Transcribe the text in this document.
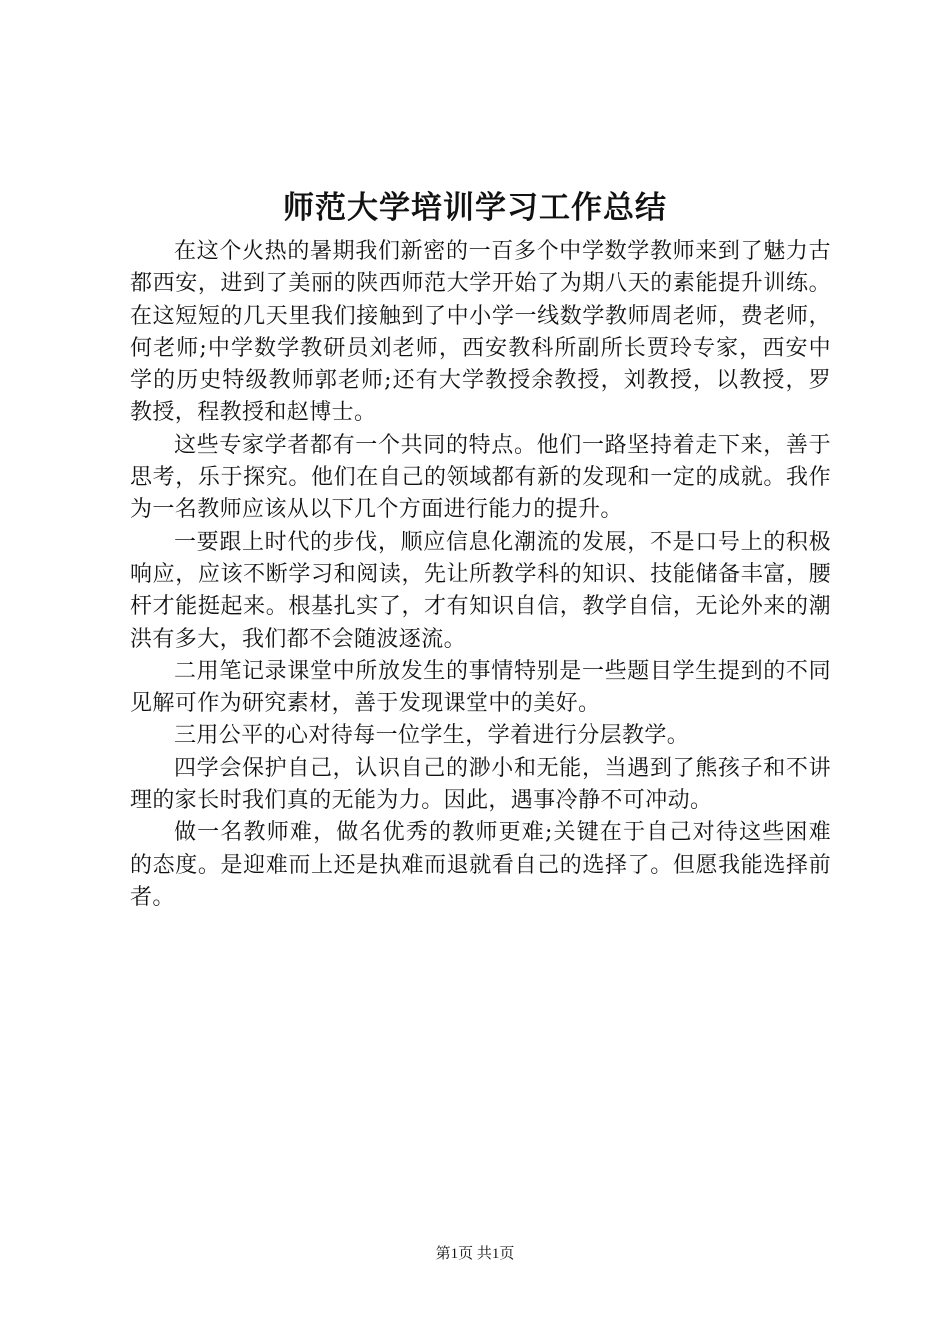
师范大学培训学习工作总结

在这个火热的暑期我们新密的一百多个中学数学教师来到了魅力古都西安，进到了美丽的陕西师范大学开始了为期八天的素能提升训练。在这短短的几天里我们接触到了中小学一线数学教师周老师，费老师，何老师;中学数学教研员刘老师，西安教科所副所长贾玲专家，西安中学的历史特级教师郭老师;还有大学教授余教授，刘教授，以教授，罗教授，程教授和赵博士。

这些专家学者都有一个共同的特点。他们一路坚持着走下来，善于思考，乐于探究。他们在自己的领域都有新的发现和一定的成就。我作为一名教师应该从以下几个方面进行能力的提升。

一要跟上时代的步伐，顺应信息化潮流的发展，不是口号上的积极响应，应该不断学习和阅读，先让所教学科的知识、技能储备丰富，腰杆才能挺起来。根基扎实了，才有知识自信，教学自信，无论外来的潮洪有多大，我们都不会随波逐流。

二用笔记录课堂中所放发生的事情特别是一些题目学生提到的不同见解可作为研究素材，善于发现课堂中的美好。

三用公平的心对待每一位学生，学着进行分层教学。

四学会保护自己，认识自己的渺小和无能，当遇到了熊孩子和不讲理的家长时我们真的无能为力。因此，遇事冷静不可冲动。

做一名教师难，做名优秀的教师更难;关键在于自己对待这些困难的态度。是迎难而上还是执难而退就看自己的选择了。但愿我能选择前者。

第1页 共1页
